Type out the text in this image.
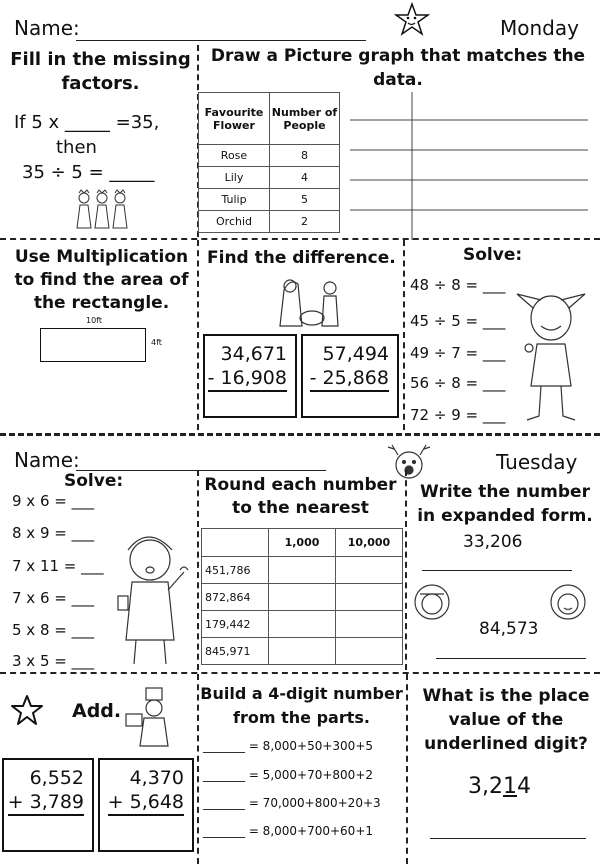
Name:	Monday
Fill in the missing
factors.
If 5 x _____ =35,
then
35 ÷ 5 = _____
Draw a Picture graph that matches the
data.
Favourite Flower	Number of People
Rose	8
Lily	4
Tulip	5
Orchid	2
Use Multiplication
to find the area of
the rectangle.
10ft
4ft
Find the difference.
34,671
- 16,908
57,494
- 25,868
Solve:
48 ÷ 8 = ___
45 ÷ 5 = ___
49 ÷ 7 = ___
56 ÷ 8 = ___
72 ÷ 9 = ___
Name:	Tuesday
Solve:
9 x 6 = ___
8 x 9 = ___
7 x 11 = ___
7 x 6 = ___
5 x 8 = ___
3 x 5 = ___
Round each number
to the nearest
	1,000	10,000
451,786		
872,864		
179,442		
845,971		
Write the number
in expanded form.
33,206
84,573
Add.
6,552
+ 3,789
4,370
+ 5,648
Build a 4-digit number
from the parts.
_______ = 8,000+50+300+5
_______ = 5,000+70+800+2
_______ = 70,000+800+20+3
_______ = 8,000+700+60+1
What is the place
value of the
underlined digit?
3,214
